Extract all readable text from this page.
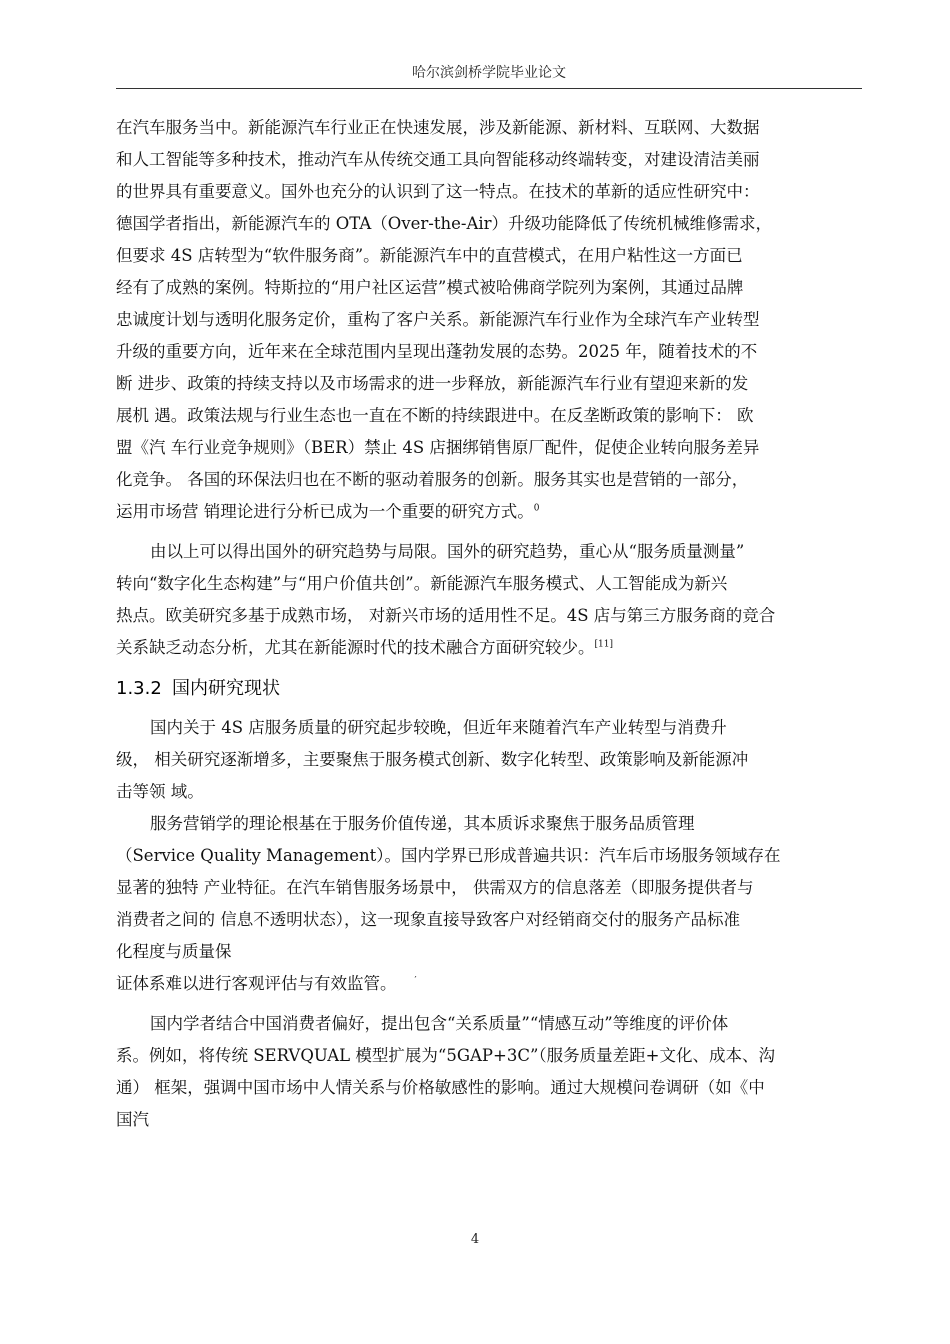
哈尔滨剑桥学院毕业论文
在汽车服务当中。新能源汽车行业正在快速发展，涉及新能源、新材料、互联网、大数据
和人工智能等多种技术，推动汽车从传统交通工具向智能移动终端转变，对建设清洁美丽
的世界具有重要意义。国外也充分的认识到了这一特点。在技术的革新的适应性研究中：
德国学者指出，新能源汽车的 OTA（Over-the-Air）升级功能降低了传统机械维修需求，
但要求 4S 店转型为“软件服务商”。新能源汽车中的直营模式，在用户粘性这一方面已
经有了成熟的案例。特斯拉的“用户社区运营”模式被哈佛商学院列为案例，其通过品牌
忠诚度计划与透明化服务定价，重构了客户关系。新能源汽车行业作为全球汽车产业转型
升级的重要方向，近年来在全球范围内呈现出蓬勃发展的态势。2025 年，随着技术的不
断 进步、政策的持续支持以及市场需求的进一步释放，新能源汽车行业有望迎来新的发
展机 遇。政策法规与行业生态也一直在不断的持续跟进中。在反垄断政策的影响下： 欧
盟《汽 车行业竞争规则》（BER）禁止 4S 店捆绑销售原厂配件，促使企业转向服务差异
化竞争。 各国的环保法归也在不断的驱动着服务的创新。服务其实也是营销的一部分，
运用市场营 销理论进行分析已成为一个重要的研究方式。$^0$
由以上可以得出国外的研究趋势与局限。国外的研究趋势，重心从“服务质量测量”
转向“数字化生态构建”与“用户价值共创”。新能源汽车服务模式、人工智能成为新兴
热点。欧美研究多基于成熟市场， 对新兴市场的适用性不足。4S 店与第三方服务商的竞合
关系缺乏动态分析，尤其在新能源时代的技术融合方面研究较少。[11]
1.3.2 国内研究现状
国内关于 4S 店服务质量的研究起步较晚，但近年来随着汽车产业转型与消费升
级， 相关研究逐渐增多，主要聚焦于服务模式创新、数字化转型、政策影响及新能源冲
击等领 域。
服务营销学的理论根基在于服务价值传递，其本质诉求聚焦于服务品质管理
（Service Quality Management）。国内学界已形成普遍共识：汽车后市场服务领域存在
显著的独特 产业特征。在汽车销售服务场景中， 供需双方的信息落差（即服务提供者与
消费者之间的 信息不透明状态），这一现象直接导致客户对经销商交付的服务产品标准
化程度与质量保
证体系难以进行客观评估与有效监管。 ′
国内学者结合中国消费者偏好，提出包含“关系质量”“情感互动”等维度的评价体
系。例如，将传统 SERVQUAL 模型扩展为“5GAP+3C”（服务质量差距+文化、成本、沟
通） 框架，强调中国市场中人情关系与价格敏感性的影响。通过大规模问卷调研（如《中
国汽
4
